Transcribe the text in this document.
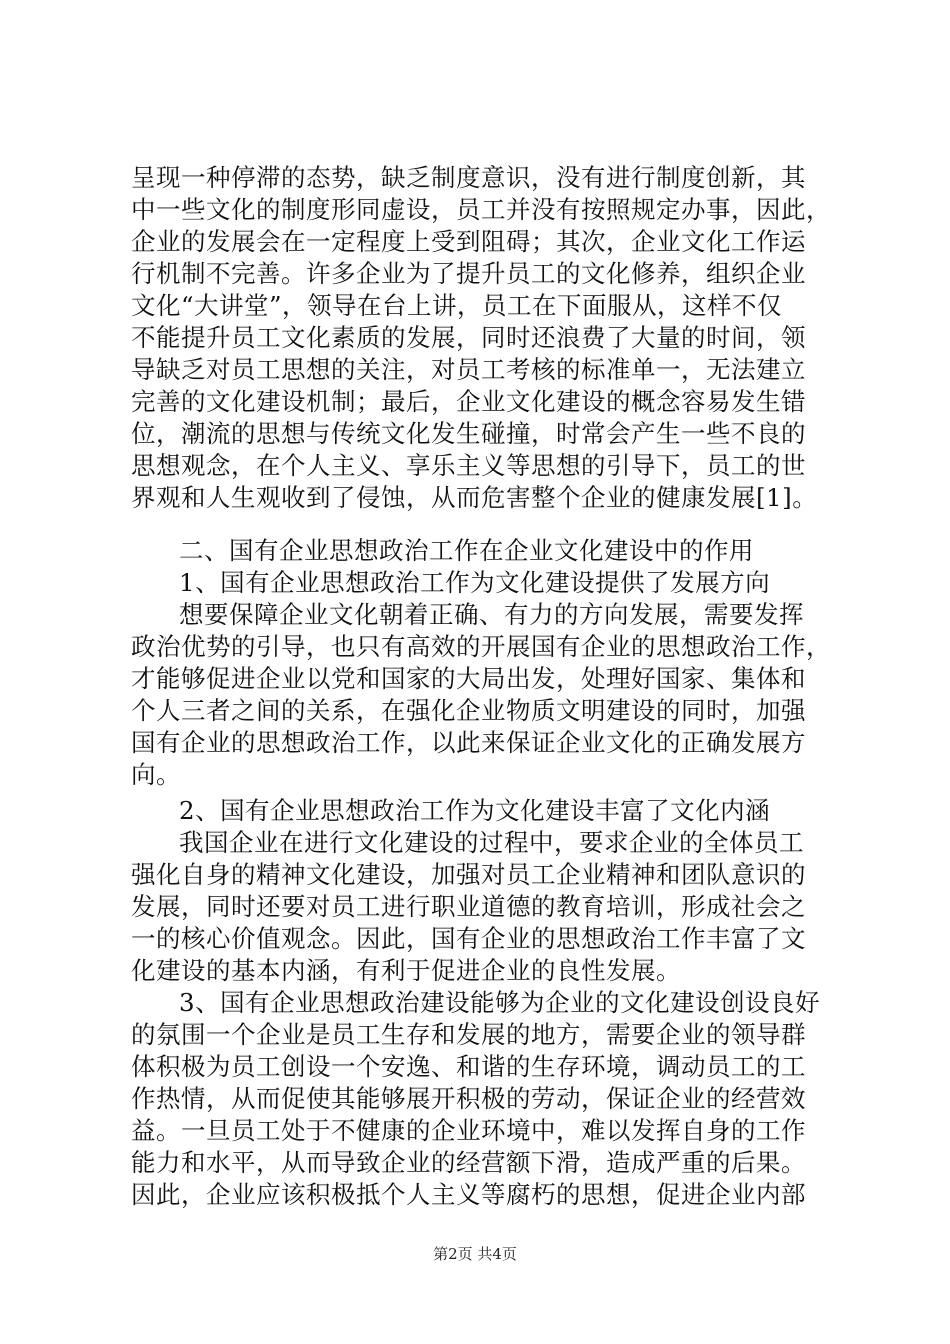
呈现一种停滞的态势，缺乏制度意识，没有进行制度创新，其
中一些文化的制度形同虚设，员工并没有按照规定办事，因此，
企业的发展会在一定程度上受到阻碍；其次，企业文化工作运
行机制不完善。许多企业为了提升员工的文化修养，组织企业
文化“大讲堂”，领导在台上讲，员工在下面服从，这样不仅
不能提升员工文化素质的发展，同时还浪费了大量的时间，领
导缺乏对员工思想的关注，对员工考核的标准单一，无法建立
完善的文化建设机制；最后，企业文化建设的概念容易发生错
位，潮流的思想与传统文化发生碰撞，时常会产生一些不良的
思想观念，在个人主义、享乐主义等思想的引导下，员工的世
界观和人生观收到了侵蚀，从而危害整个企业的健康发展[1]。
二、国有企业思想政治工作在企业文化建设中的作用
1、国有企业思想政治工作为文化建设提供了发展方向
想要保障企业文化朝着正确、有力的方向发展，需要发挥
政治优势的引导，也只有高效的开展国有企业的思想政治工作，
才能够促进企业以党和国家的大局出发，处理好国家、集体和
个人三者之间的关系，在强化企业物质文明建设的同时，加强
国有企业的思想政治工作，以此来保证企业文化的正确发展方
向。
2、国有企业思想政治工作为文化建设丰富了文化内涵
我国企业在进行文化建设的过程中，要求企业的全体员工
强化自身的精神文化建设，加强对员工企业精神和团队意识的
发展，同时还要对员工进行职业道德的教育培训，形成社会之
一的核心价值观念。因此，国有企业的思想政治工作丰富了文
化建设的基本内涵，有利于促进企业的良性发展。
3、国有企业思想政治建设能够为企业的文化建设创设良好
的氛围一个企业是员工生存和发展的地方，需要企业的领导群
体积极为员工创设一个安逸、和谐的生存环境，调动员工的工
作热情，从而促使其能够展开积极的劳动，保证企业的经营效
益。一旦员工处于不健康的企业环境中，难以发挥自身的工作
能力和水平，从而导致企业的经营额下滑，造成严重的后果。
因此，企业应该积极抵个人主义等腐朽的思想，促进企业内部
第2页 共4页
